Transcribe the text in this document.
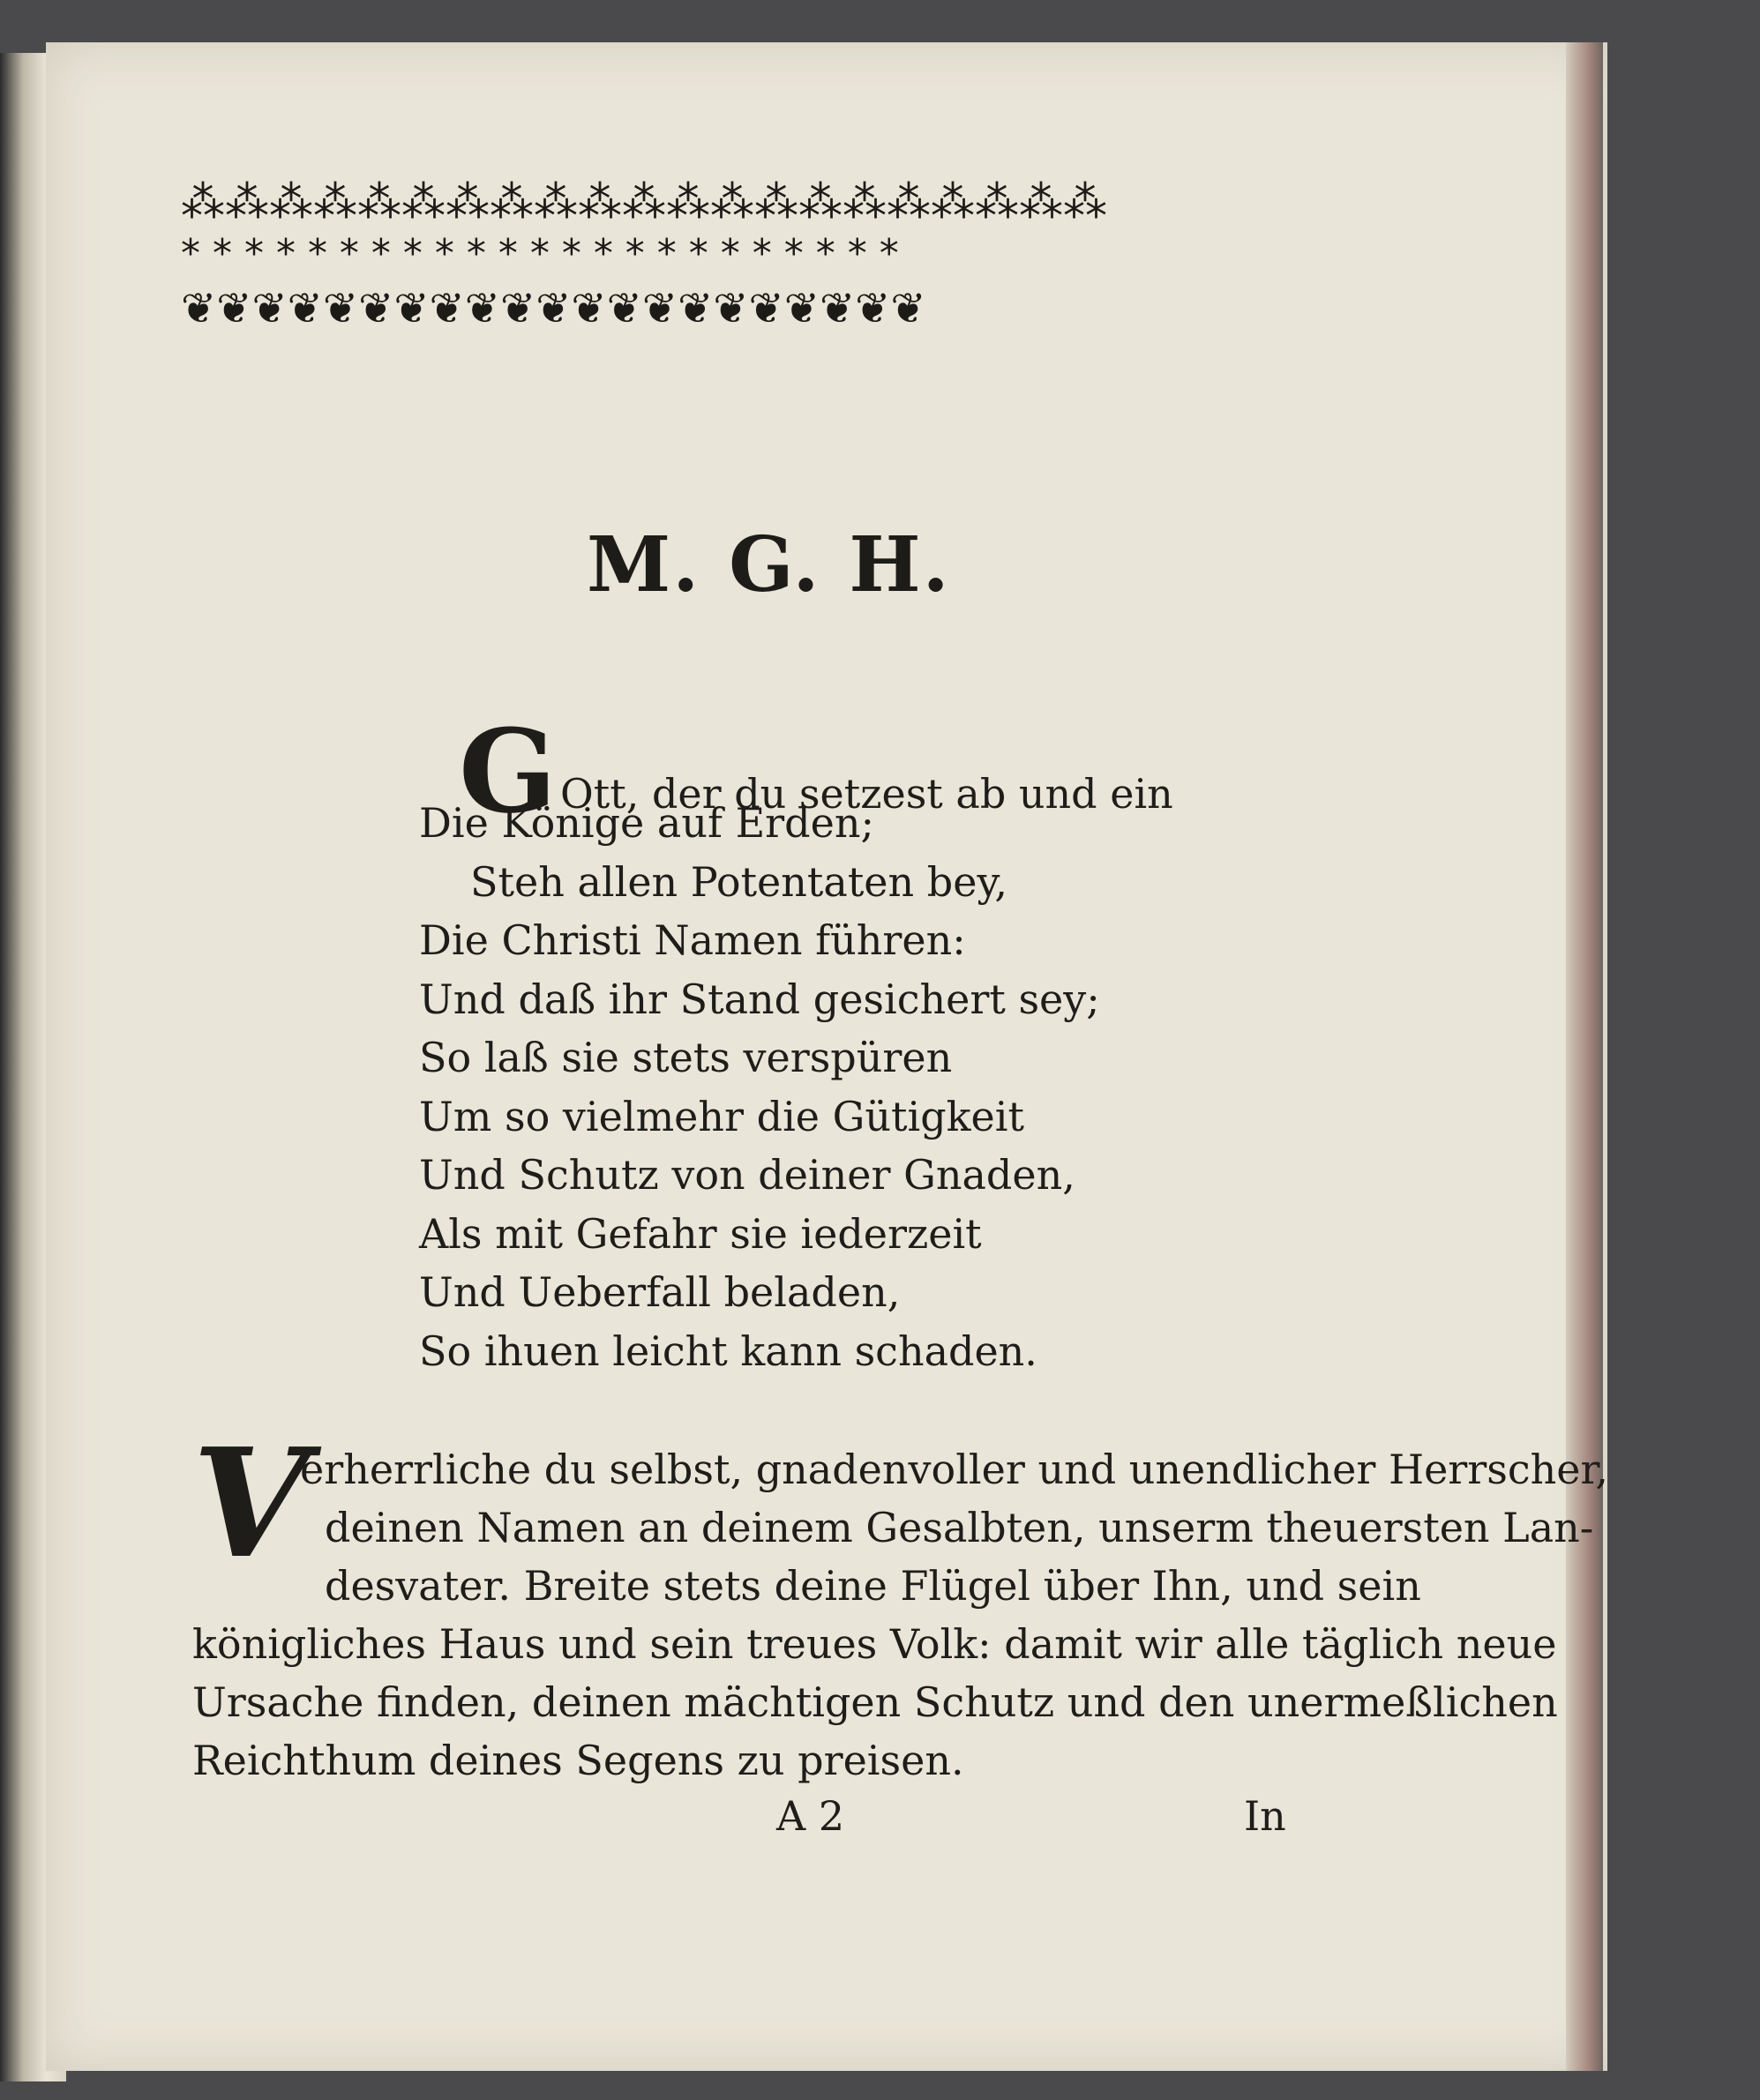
⁂⁂⁂⁂⁂⁂⁂⁂⁂⁂⁂⁂⁂⁂⁂⁂⁂⁂⁂⁂⁂
* * * * * * * * * * * * * * * * * * * * * * *
❦❦❦❦❦❦❦❦❦❦❦❦❦❦❦❦❦❦❦❦❦
M. G. H.
G Ott, der du setzest ab und ein
Die Könige auf Erden;
Steh allen Potentaten bey,
Die Christi Namen führen:
Und daß ihr Stand gesichert sey;
So laß sie stets verspüren
Um so vielmehr die Gütigkeit
Und Schutz von deiner Gnaden,
Als mit Gefahr sie iederzeit
Und Ueberfall beladen,
So ihuen leicht kann schaden.
V
erherrliche du selbst, gnadenvoller und unendlicher Herrscher,
deinen Namen an deinem Gesalbten, unserm theuersten Lan-
desvater. Breite stets deine Flügel über Ihn, und sein
königliches Haus und sein treues Volk: damit wir alle täglich neue
Ursache finden, deinen mächtigen Schutz und den unermeßlichen
Reichthum deines Segens zu preisen.
A 2	In
